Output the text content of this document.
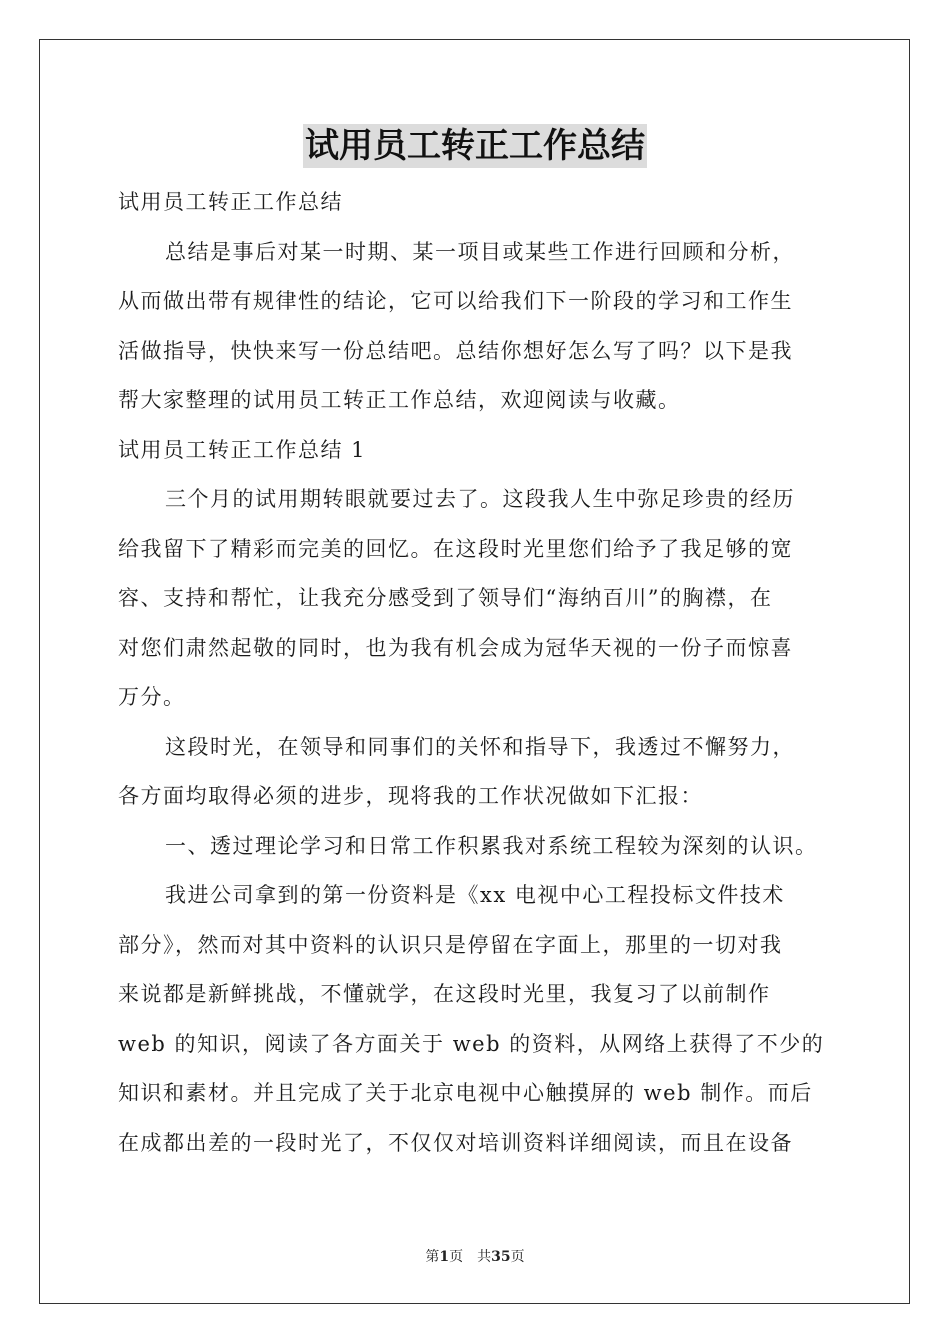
试用员工转正工作总结
试用员工转正工作总结
总结是事后对某一时期、某一项目或某些工作进行回顾和分析，
从而做出带有规律性的结论，它可以给我们下一阶段的学习和工作生
活做指导，快快来写一份总结吧。总结你想好怎么写了吗？以下是我
帮大家整理的试用员工转正工作总结，欢迎阅读与收藏。
试用员工转正工作总结 1
三个月的试用期转眼就要过去了。这段我人生中弥足珍贵的经历
给我留下了精彩而完美的回忆。在这段时光里您们给予了我足够的宽
容、支持和帮忙，让我充分感受到了领导们“海纳百川”的胸襟，在
对您们肃然起敬的同时，也为我有机会成为冠华天视的一份子而惊喜
万分。
这段时光，在领导和同事们的关怀和指导下，我透过不懈努力，
各方面均取得必须的进步，现将我的工作状况做如下汇报：
一、透过理论学习和日常工作积累我对系统工程较为深刻的认识。
我进公司拿到的第一份资料是《xx 电视中心工程投标文件技术
部分》，然而对其中资料的认识只是停留在字面上，那里的一切对我
来说都是新鲜挑战，不懂就学，在这段时光里，我复习了以前制作
web 的知识，阅读了各方面关于 web 的资料，从网络上获得了不少的
知识和素材。并且完成了关于北京电视中心触摸屏的 web 制作。而后
在成都出差的一段时光了，不仅仅对培训资料详细阅读，而且在设备
第1页　共35页
